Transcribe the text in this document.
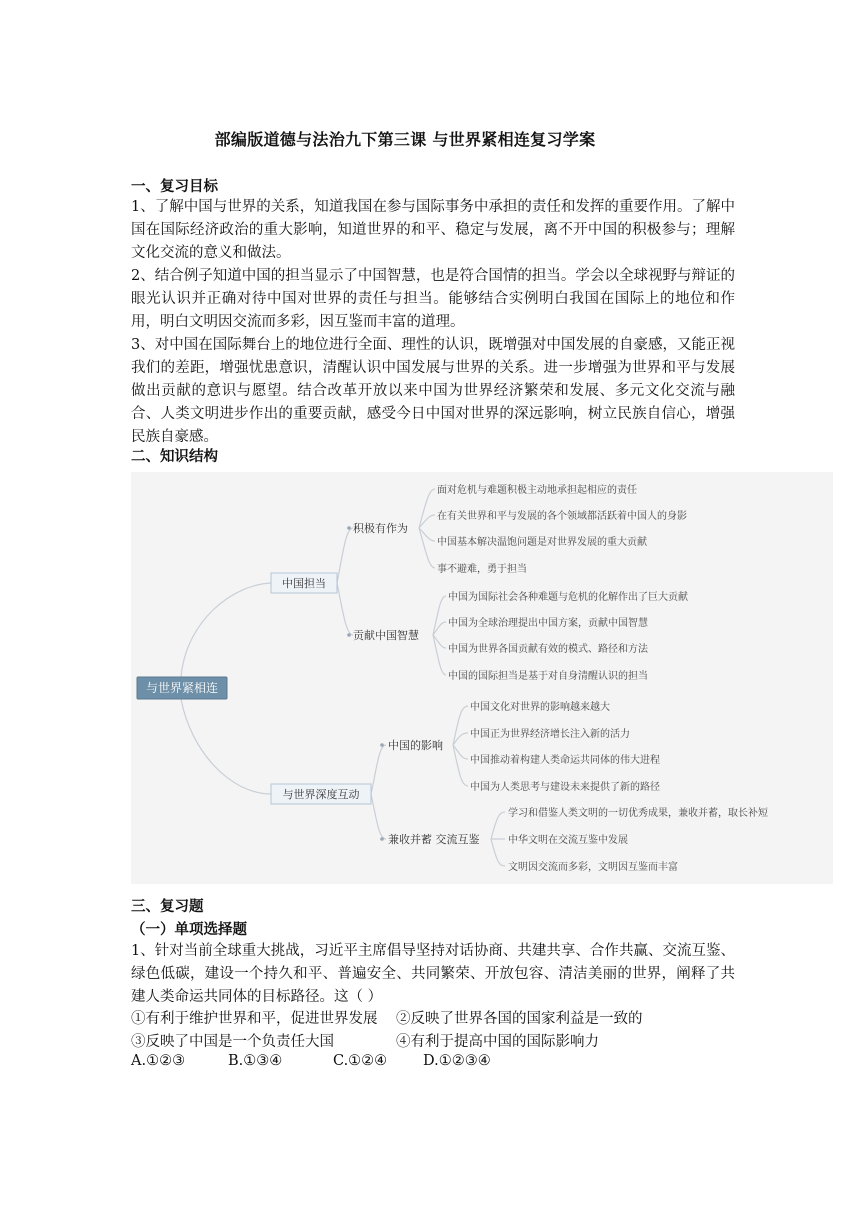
部编版道德与法治九下第三课 与世界紧相连复习学案
一、复习目标
1、了解中国与世界的关系，知道我国在参与国际事务中承担的责任和发挥的重要作用。了解中国在国际经济政治的重大影响，知道世界的和平、稳定与发展，离不开中国的积极参与；理解文化交流的意义和做法。
2、结合例子知道中国的担当显示了中国智慧，也是符合国情的担当。学会以全球视野与辩证的眼光认识并正确对待中国对世界的责任与担当。能够结合实例明白我国在国际上的地位和作用，明白文明因交流而多彩，因互鉴而丰富的道理。
3、对中国在国际舞台上的地位进行全面、理性的认识，既增强对中国发展的自豪感，又能正视我们的差距，增强忧患意识，清醒认识中国发展与世界的关系。进一步增强为世界和平与发展做出贡献的意识与愿望。结合改革开放以来中国为世界经济繁荣和发展、多元文化交流与融合、人类文明进步作出的重要贡献，感受今日中国对世界的深远影响，树立民族自信心，增强民族自豪感。
二、知识结构
与世界紧相连
中国担当
积极有作为
面对危机与难题积极主动地承担起相应的责任
在有关世界和平与发展的各个领域都活跃着中国人的身影
中国基本解决温饱问题是对世界发展的重大贡献
事不避难，勇于担当
贡献中国智慧
中国为国际社会各种难题与危机的化解作出了巨大贡献
中国为全球治理提出中国方案，贡献中国智慧
中国为世界各国贡献有效的模式、路径和方法
中国的国际担当是基于对自身清醒认识的担当
与世界深度互动
中国的影响
中国文化对世界的影响越来越大
中国正为世界经济增长注入新的活力
中国推动着构建人类命运共同体的伟大进程
中国为人类思考与建设未来提供了新的路径
兼收并蓄 交流互鉴
学习和借鉴人类文明的一切优秀成果，兼收并蓄，取长补短
中华文明在交流互鉴中发展
文明因交流而多彩，文明因互鉴而丰富
三、复习题
（一）单项选择题
1、针对当前全球重大挑战，习近平主席倡导坚持对话协商、共建共享、合作共赢、交流互鉴、绿色低碳，建设一个持久和平、普遍安全、共同繁荣、开放包容、清洁美丽的世界，阐释了共建人类命运共同体的目标路径。这（ ）
①有利于维护世界和平，促进世界发展 ②反映了世界各国的国家利益是一致的
③反映了中国是一个负责任大国	④有利于提高中国的国际影响力
A.①②③	B.①③④	C.①②④ D.①②③④
